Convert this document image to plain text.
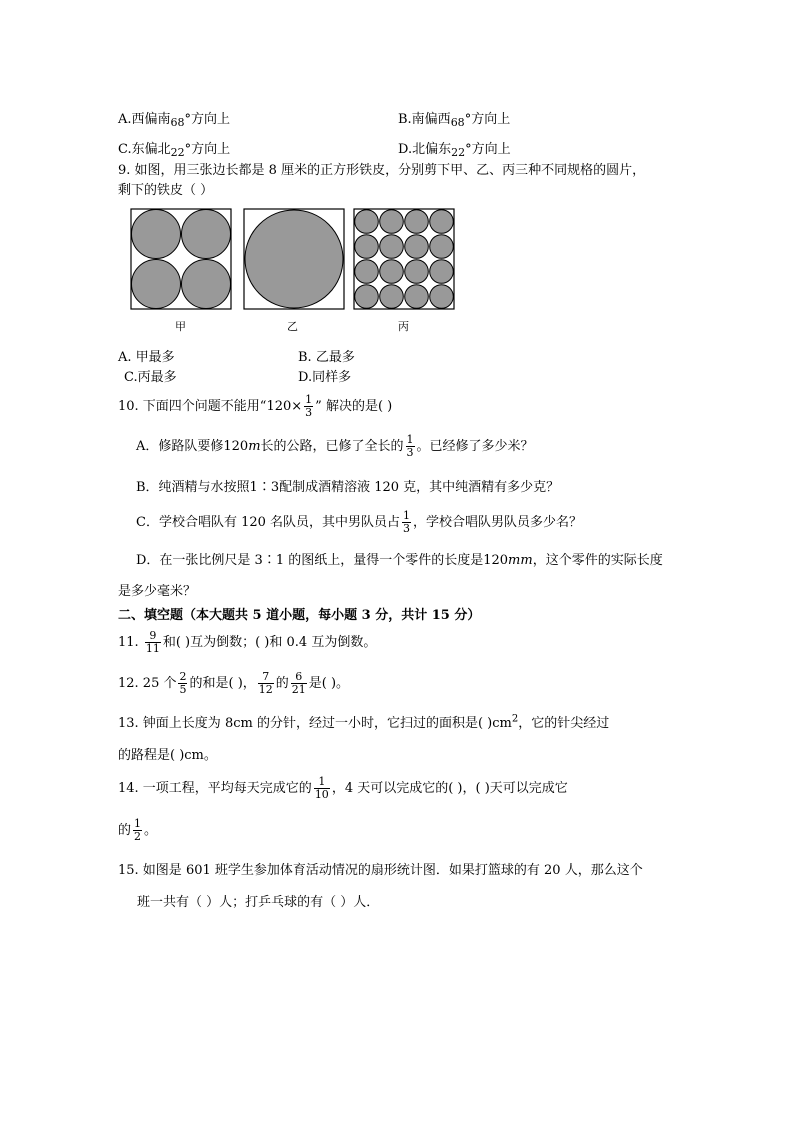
A.西偏南$_{68}$°方向上	B.南偏西$_{68}$°方向上
C.东偏北$_{22}$°方向上	D.北偏东$_{22}$°方向上
9. 如图，用三张边长都是 8 厘米的正方形铁皮，分别剪下甲、乙、丙三种不同规格的圆片，
剩下的铁皮（ ）
甲	乙	丙
A. 甲最多	B. 乙最多
C.丙最多	D.同样多
10. 下面四个问题不能用“$120\times \frac{1}{3}$ ” 解决的是( )
A．修路队要修120m长的公路，已修了全长的 $\frac{1}{3}$ 。已经修了多少米？
B．纯酒精与水按照1∶3配制成酒精溶液 120 克，其中纯酒精有多少克？
C．学校合唱队有 120 名队员，其中男队员占 $\frac{1}{3}$ ，学校合唱队男队员多少名？
D．在一张比例尺是 3∶1 的图纸上，量得一个零件的长度是120mm，这个零件的实际长度
是多少毫米？
二、填空题（本大题共 5 道小题，每小题 3 分，共计 15 分）
11. $\frac{9}{11}$ 和( )互为倒数；( )和 0.4 互为倒数。
12. 25 个 $\frac{2}{5}$ 的和是( )， $\frac{7}{12}$ 的 $\frac{6}{21}$ 是( )。
13. 钟面上长度为 8cm 的分针，经过一小时，它扫过的面积是( )$cm^2$，它的针尖经过
的路程是( )cm。
14. 一项工程，平均每天完成它的 $\frac{1}{10}$ ，4 天可以完成它的( )，( )天可以完成它
的 $\frac{1}{2}$ 。
15. 如图是 601 班学生参加体育活动情况的扇形统计图．如果打篮球的有 20 人，那么这个
班一共有（ ）人；打乒乓球的有（ ）人．
